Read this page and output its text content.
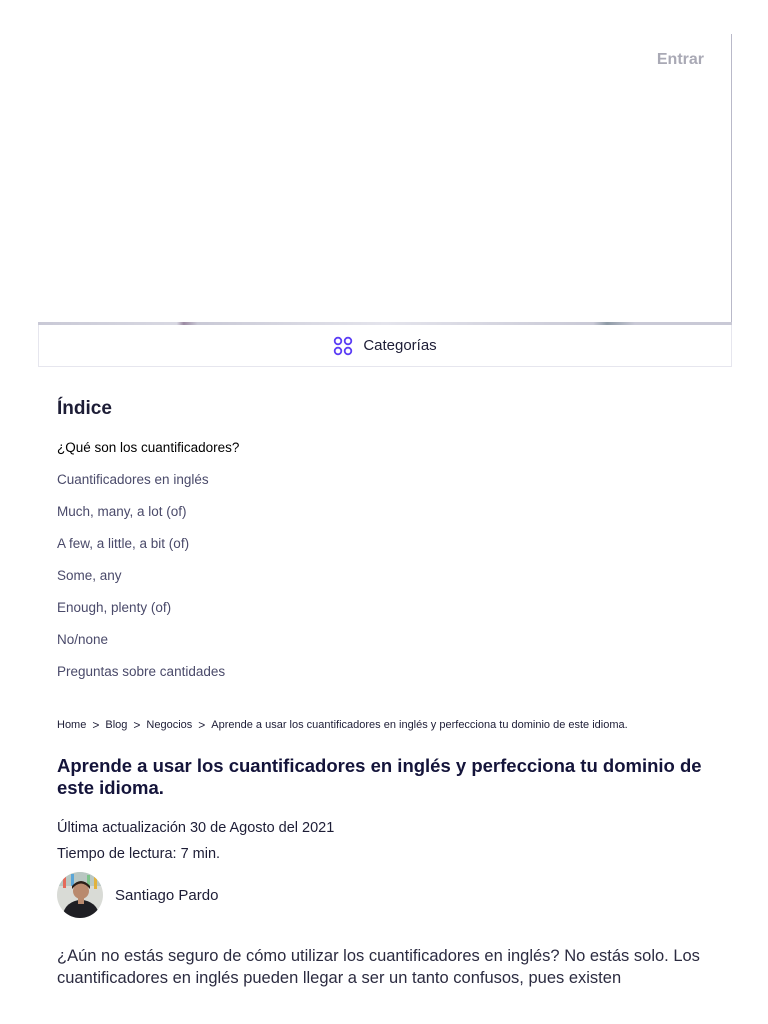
Entrar
Categorías
Índice
¿Qué son los cuantificadores?
Cuantificadores en inglés
Much, many, a lot (of)
A few, a little, a bit (of)
Some, any
Enough, plenty (of)
No/none
Preguntas sobre cantidades
Home > Blog > Negocios > Aprende a usar los cuantificadores en inglés y perfecciona tu dominio de este idioma.
Aprende a usar los cuantificadores en inglés y perfecciona tu dominio de este idioma.
Última actualización 30 de Agosto del 2021
Tiempo de lectura: 7 min.
Santiago Pardo

¿Aún no estás seguro de cómo utilizar los cuantificadores en inglés? No estás solo. Los cuantificadores en inglés pueden llegar a ser un tanto confusos, pues existen
